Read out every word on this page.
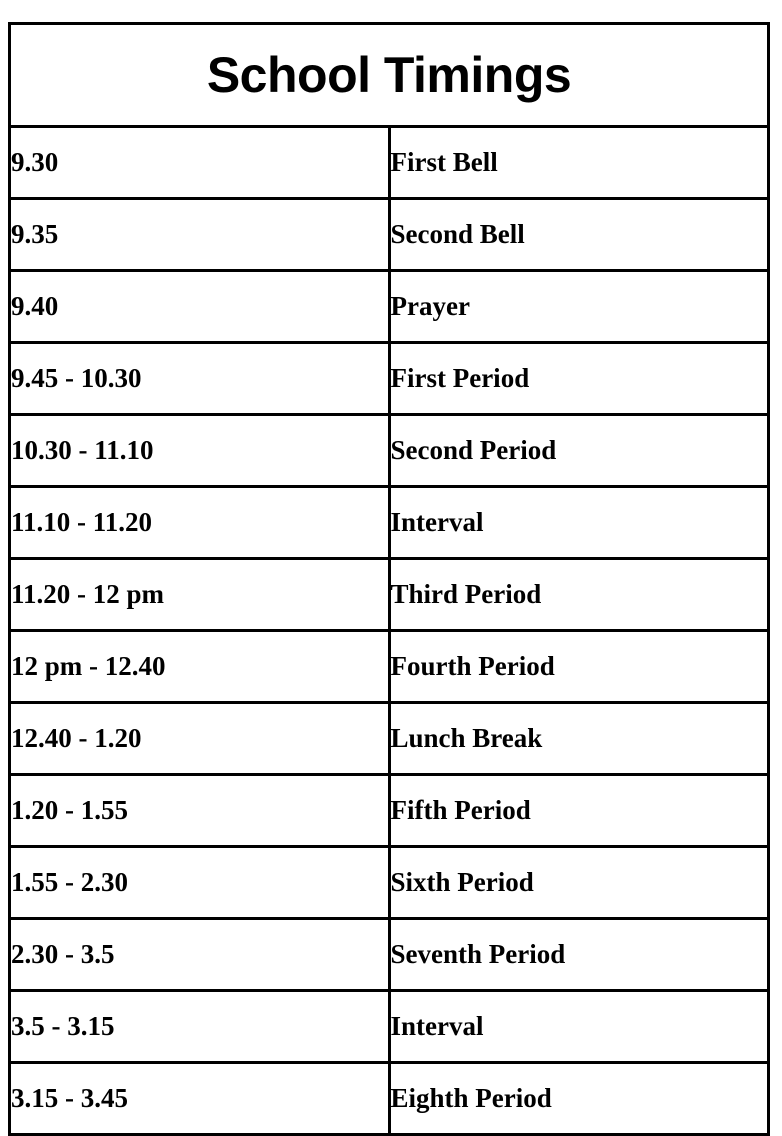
School Timings	
9.30	First Bell
9.35	Second Bell
9.40	Prayer
9.45 - 10.30	First Period
10.30 - 11.10	Second Period
11.10 - 11.20	Interval
11.20 - 12 pm	Third Period
12 pm - 12.40	Fourth Period
12.40 - 1.20	Lunch Break
1.20 - 1.55	Fifth Period
1.55 - 2.30	Sixth Period
2.30 - 3.5	Seventh Period
3.5 - 3.15	Interval
3.15 - 3.45	Eighth Period
